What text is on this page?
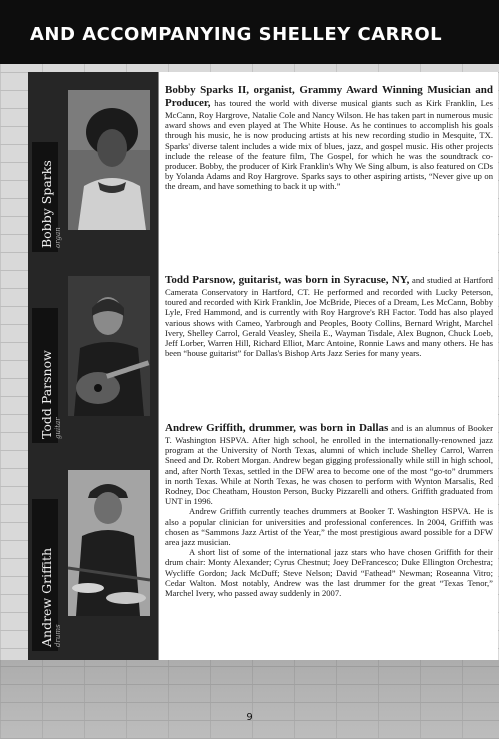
AND ACCOMPANYING SHELLEY CARROL
Bobby Sparks organ
Todd Parsnow guitar
Andrew Griffith drums

Bobby Sparks II, organist, Grammy Award Winning Musician and Producer, has toured the world with diverse musical giants such as Kirk Franklin, Les McCann, Roy Hargrove, Natalie Cole and Nancy Wilson. He has taken part in numerous music award shows and even played at The White House. As he continues to accomplish his goals through his music, he is now producing artists at his new recording studio in Mesquite, TX. Sparks' diverse talent includes a wide mix of blues, jazz, and gospel music. His other projects include the release of the feature film, The Gospel, for which he was the soundtrack co-producer. Bobby, the producer of Kirk Franklin's Why We Sing album, is also featured on CDs by Yolanda Adams and Roy Hargrove. Sparks says to other aspiring artists, “Never give up on the dream, and have something to back it up with.”

Todd Parsnow, guitarist, was born in Syracuse, NY, and studied at Hartford Camerata Conservatory in Hartford, CT. He performed and recorded with Lucky Peterson, toured and recorded with Kirk Franklin, Joe McBride, Pieces of a Dream, Les McCann, Bobby Lyle, Fred Hammond, and is currently with Roy Hargrove's RH Factor. Todd has also played various shows with Cameo, Yarbrough and Peoples, Booty Collins, Bernard Wright, Marchel Ivery, Shelley Carrol, Gerald Veasley, Sheila E., Wayman Tisdale, Alex Bugnon, Chuck Loeb, Jeff Lorber, Warren Hill, Richard Elliot, Marc Antoine, Ronnie Laws and many others. He has been “house guitarist” for Dallas's Bishop Arts Jazz Series for many years.

Andrew Griffith, drummer, was born in Dallas and is an alumnus of Booker T. Washington HSPVA. After high school, he enrolled in the internationally-renowned jazz program at the University of North Texas, alumni of which include Shelley Carrol, Warren Sneed and Dr. Robert Morgan. Andrew began gigging professionally while still in high school, and, after North Texas, settled in the DFW area to become one of the most “go-to” drummers in north Texas. While at North Texas, he was chosen to perform with Wynton Marsalis, Red Rodney, Doc Cheatham, Houston Person, Bucky Pizzarelli and others. Griffith graduated from UNT in 1996.

Andrew Griffith currently teaches drummers at Booker T. Washington HSPVA. He is also a popular clinician for universities and professional conferences. In 2004, Griffith was chosen as “Sammons Jazz Artist of the Year,” the most prestigious award possible for a DFW area jazz musician.

A short list of some of the international jazz stars who have chosen Griffith for their drum chair: Monty Alexander; Cyrus Chestnut; Joey DeFrancesco; Duke Ellington Orchestra; Wycliffe Gordon; Jack McDuff; Steve Nelson; David “Fathead” Newman; Roseanna Vitro; Cedar Walton. Most notably, Andrew was the last drummer for the great “Texas Tenor,” Marchel Ivery, who passed away suddenly in 2007.

9
